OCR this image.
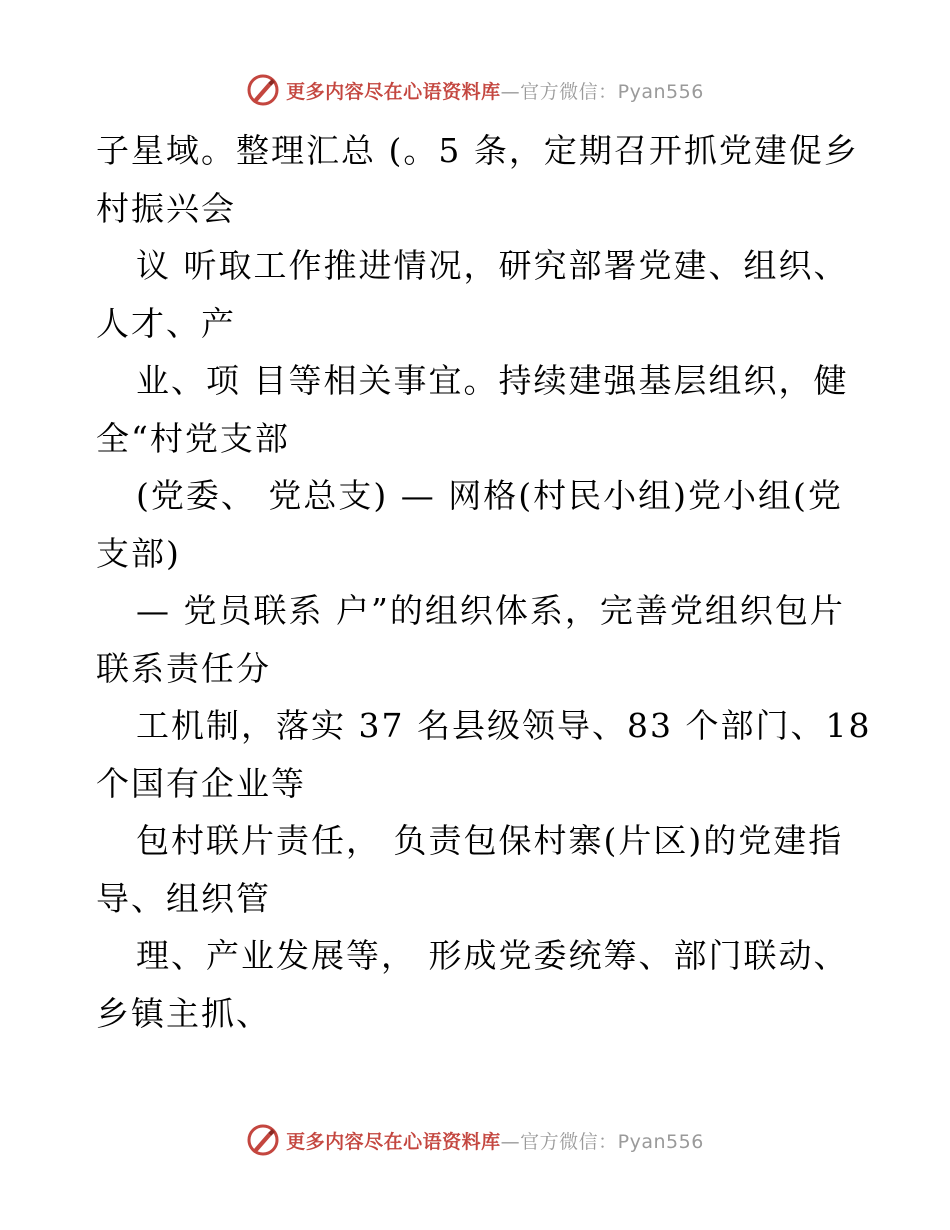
更多内容尽在心语资料库—官方微信：Pyan556
子星域。整理汇总 (。5 条，定期召开抓党建促乡
村振兴会
议 听取工作推进情况，研究部署党建、组织、
人才、产
业、项 目等相关事宜。持续建强基层组织，健
全“村党支部
(党委、 党总支) — 网格(村民小组)党小组(党
支部)
— 党员联系 户”的组织体系，完善党组织包片
联系责任分
工机制，落实 37 名县级领导、83 个部门、18
个国有企业等
包村联片责任， 负责包保村寨(片区)的党建指
导、组织管
理、产业发展等， 形成党委统筹、部门联动、
乡镇主抓、
更多内容尽在心语资料库—官方微信：Pyan556
